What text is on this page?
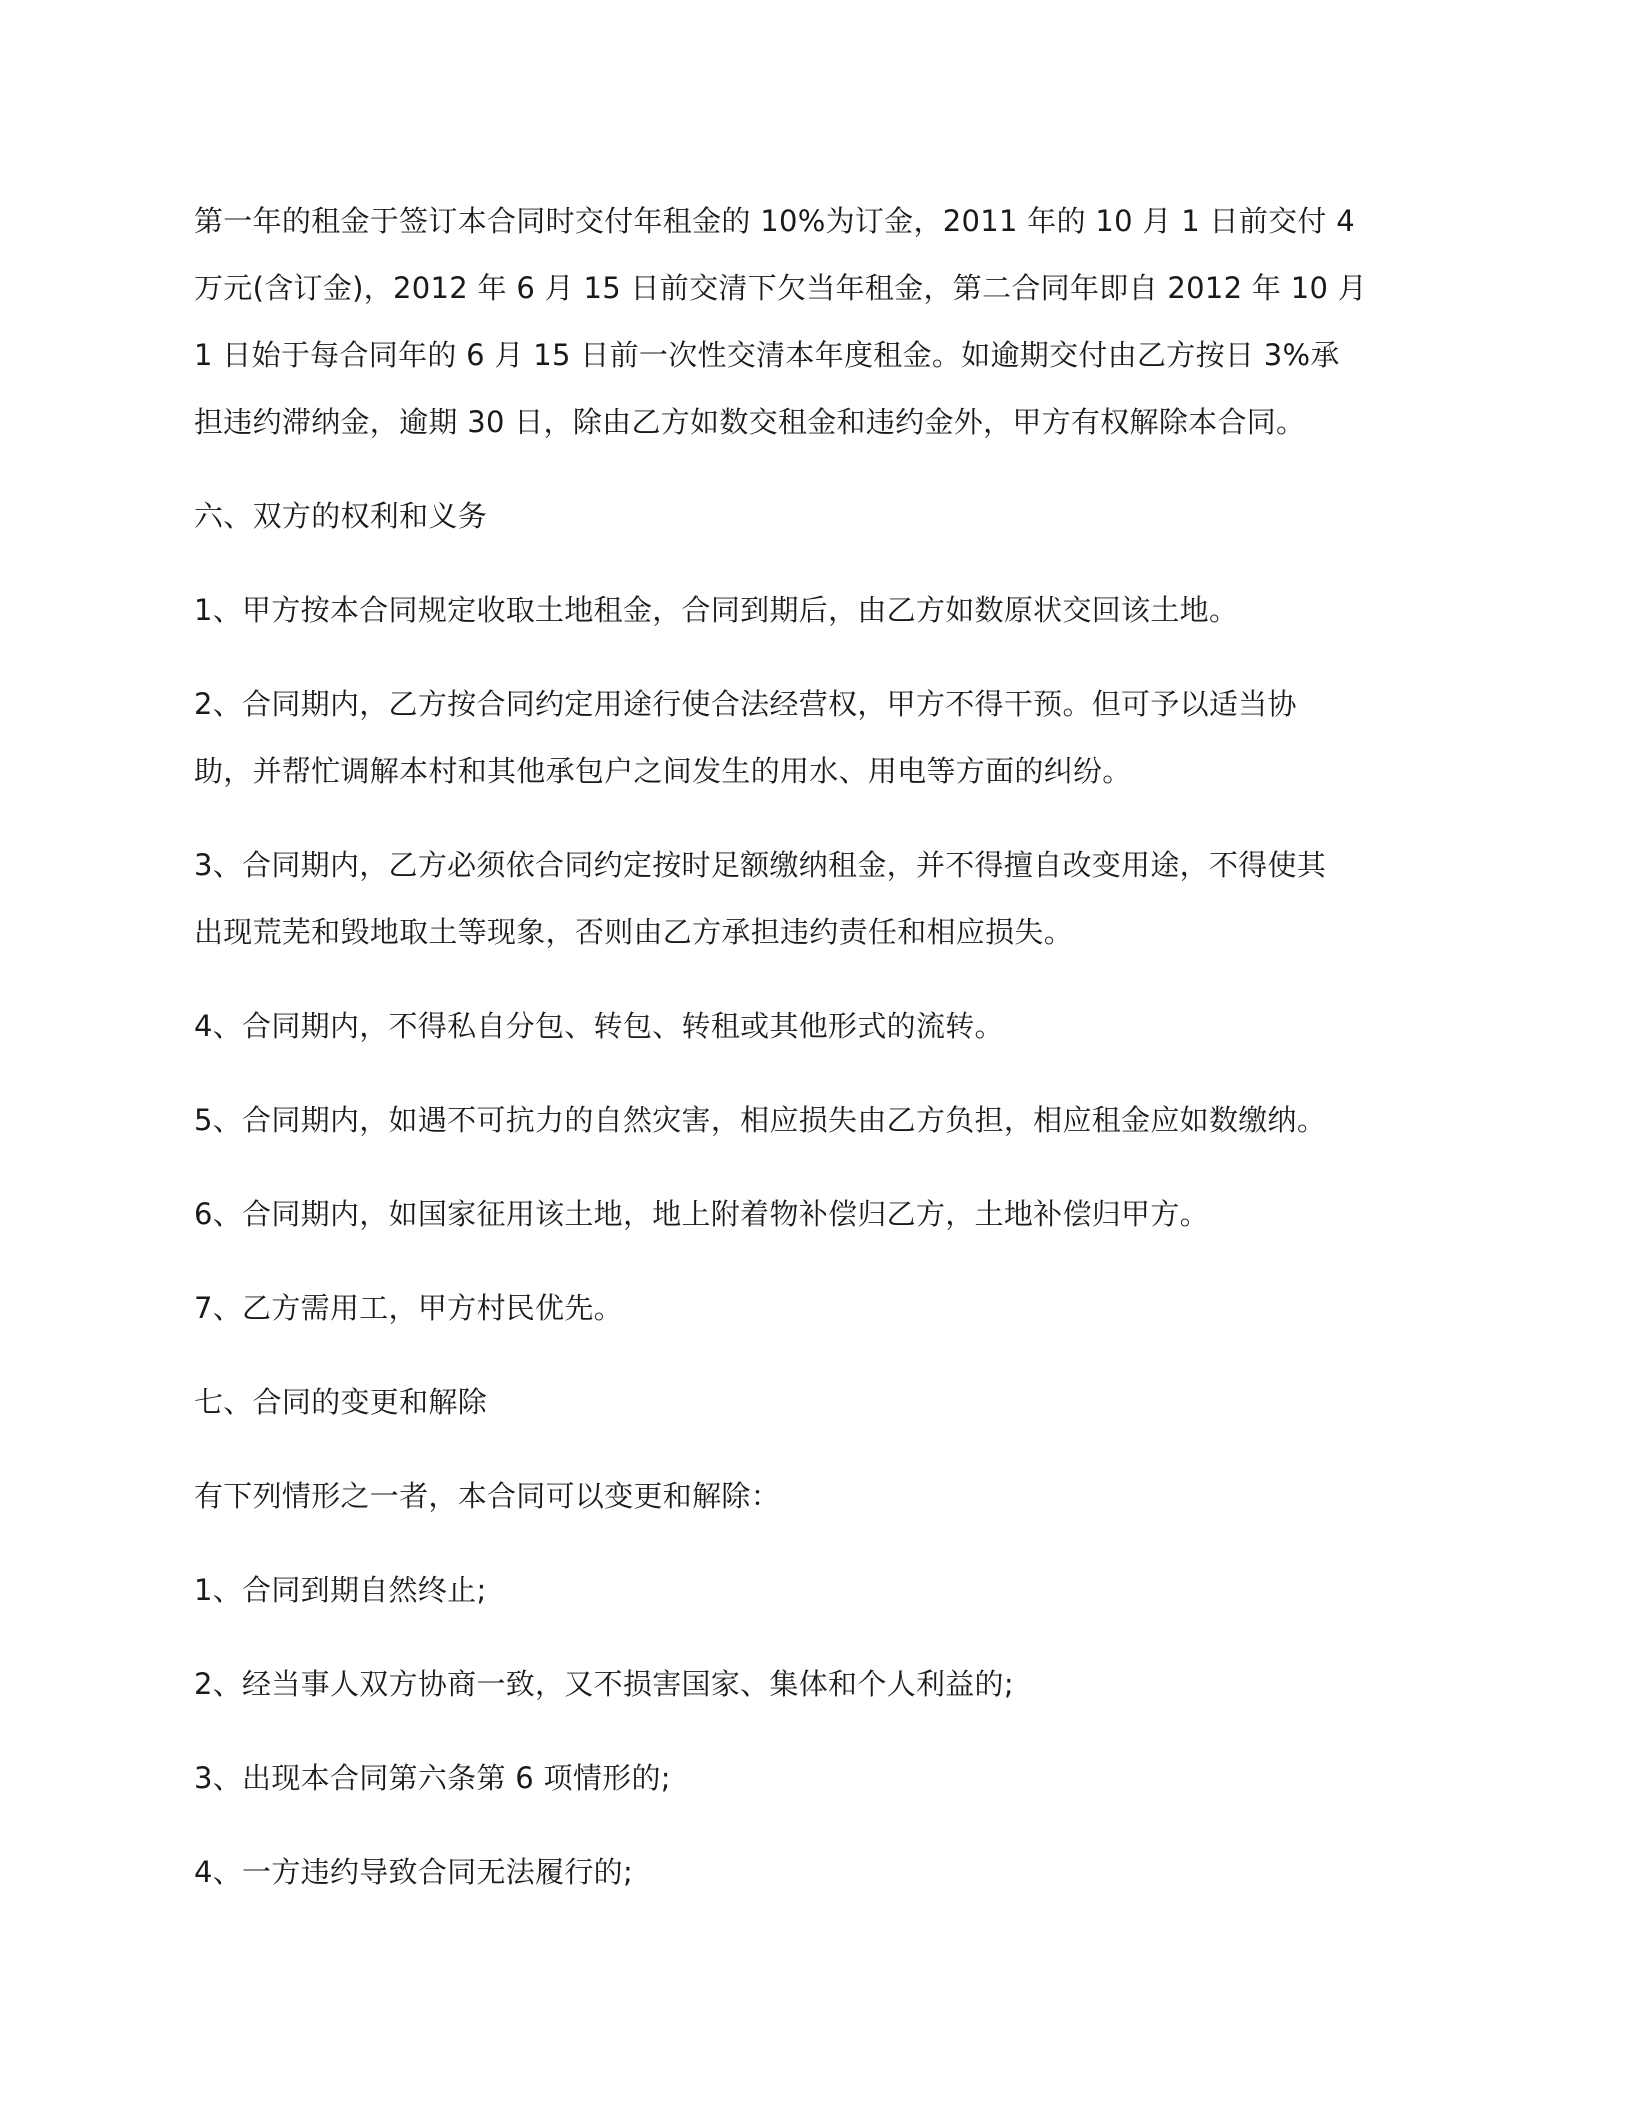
第一年的租金于签订本合同时交付年租金的 10%为订金，2011 年的 10 月 1 日前交付 4
万元(含订金)，2012 年 6 月 15 日前交清下欠当年租金，第二合同年即自 2012 年 10 月
1 日始于每合同年的 6 月 15 日前一次性交清本年度租金。如逾期交付由乙方按日 3%承
担违约滞纳金，逾期 30 日，除由乙方如数交租金和违约金外，甲方有权解除本合同。
六、双方的权利和义务
1、甲方按本合同规定收取土地租金，合同到期后，由乙方如数原状交回该土地。
2、合同期内，乙方按合同约定用途行使合法经营权，甲方不得干预。但可予以适当协
助，并帮忙调解本村和其他承包户之间发生的用水、用电等方面的纠纷。
3、合同期内，乙方必须依合同约定按时足额缴纳租金，并不得擅自改变用途，不得使其
出现荒芜和毁地取土等现象，否则由乙方承担违约责任和相应损失。
4、合同期内，不得私自分包、转包、转租或其他形式的流转。
5、合同期内，如遇不可抗力的自然灾害，相应损失由乙方负担，相应租金应如数缴纳。
6、合同期内，如国家征用该土地，地上附着物补偿归乙方，土地补偿归甲方。
7、乙方需用工，甲方村民优先。
七、合同的变更和解除
有下列情形之一者，本合同可以变更和解除：
1、合同到期自然终止;
2、经当事人双方协商一致，又不损害国家、集体和个人利益的;
3、出现本合同第六条第 6 项情形的;
4、一方违约导致合同无法履行的;
